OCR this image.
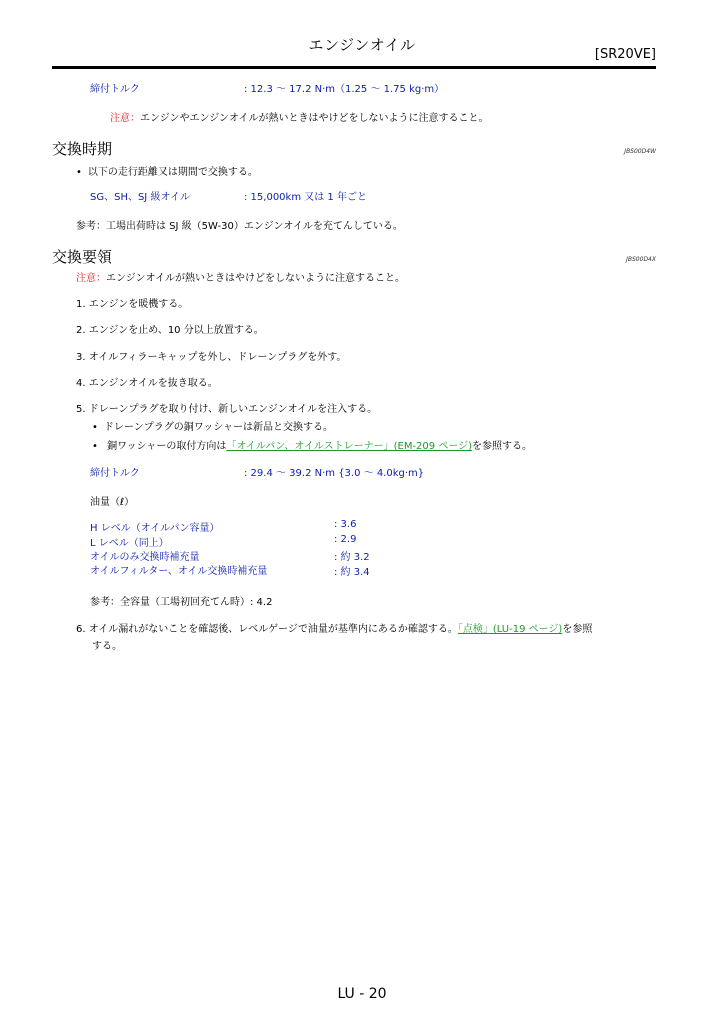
エンジンオイル
[SR20VE]
締付トルク	: 12.3 ～ 17.2 N·m（1.25 ～ 1.75 kg·m）
注意：エンジンやエンジンオイルが熱いときはやけどをしないように注意すること。
交換時期	JBS00D4W
• 以下の走行距離又は期間で交換する。
SG、SH、SJ 級オイル	: 15,000km 又は 1 年ごと
参考：工場出荷時は SJ 級（5W-30）エンジンオイルを充てんしている。
交換要領	JBS00D4X
注意：エンジンオイルが熱いときはやけどをしないように注意すること。
1. エンジンを暖機する。
2. エンジンを止め、10 分以上放置する。
3. オイルフィラーキャップを外し、ドレーンプラグを外す。
4. エンジンオイルを抜き取る。
5. ドレーンプラグを取り付け、新しいエンジンオイルを注入する。
• ドレーンプラグの銅ワッシャーは新品と交換する。
• 銅ワッシャーの取付方向は「オイルパン、オイルストレーナー」(EM-209 ページ)を参照する。
締付トルク	: 29.4 ～ 39.2 N·m {3.0 ～ 4.0kg·m}
油量（ℓ）
H レベル（オイルパン容量）	: 3.6
L レベル（同上）	: 2.9
オイルのみ交換時補充量	: 約 3.2
オイルフィルター、オイル交換時補充量	: 約 3.4
参考：全容量（工場初回充てん時）: 4.2
6. オイル漏れがないことを確認後、レベルゲージで油量が基準内にあるか確認する。「点検」(LU-19 ページ)を参照
する。
LU - 20
